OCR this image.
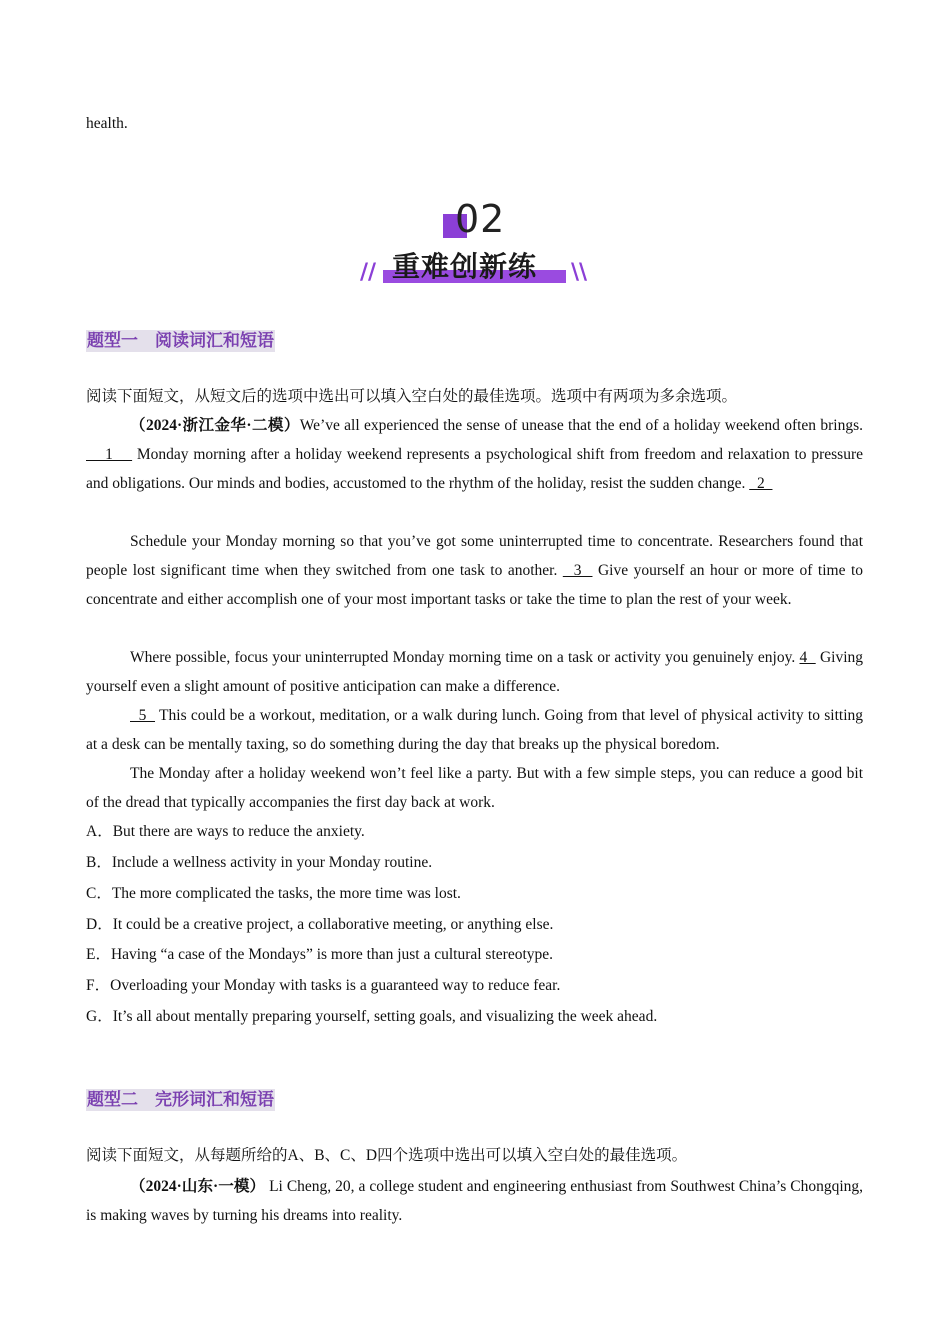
health.
02
重难创新练
//	\\
题型一　阅读词汇和短语
阅读下面短文，从短文后的选项中选出可以填入空白处的最佳选项。选项中有两项为多余选项。
（2024·浙江金华·二模）We’ve all experienced the sense of unease that the end of a holiday weekend often brings.     1     Monday morning after a holiday weekend represents a psychological shift from freedom and relaxation to pressure and obligations. Our minds and bodies, accustomed to the rhythm of the holiday, resist the sudden change.   2
Schedule your Monday morning so that you’ve got some uninterrupted time to concentrate. Researchers found that people lost significant time when they switched from one task to another.   3   Give yourself an hour or more of time to concentrate and either accomplish one of your most important tasks or take the time to plan the rest of your week.
Where possible, focus your uninterrupted Monday morning time on a task or activity you genuinely enjoy. 4   Giving yourself even a slight amount of positive anticipation can make a difference.
5   This could be a workout, meditation, or a walk during lunch. Going from that level of physical activity to sitting at a desk can be mentally taxing, so do something during the day that breaks up the physical boredom.
The Monday after a holiday weekend won’t feel like a party. But with a few simple steps, you can reduce a good bit of the dread that typically accompanies the first day back at work.
A．But there are ways to reduce the anxiety.
B．Include a wellness activity in your Monday routine.
C．The more complicated the tasks, the more time was lost.
D．It could be a creative project, a collaborative meeting, or anything else.
E．Having “a case of the Mondays” is more than just a cultural stereotype.
F．Overloading your Monday with tasks is a guaranteed way to reduce fear.
G．It’s all about mentally preparing yourself, setting goals, and visualizing the week ahead.
题型二　完形词汇和短语
阅读下面短文，从每题所给的A、B、C、D四个选项中选出可以填入空白处的最佳选项。
（2024·山东·一模） Li Cheng, 20, a college student and engineering enthusiast from Southwest China’s Chongqing, is making waves by turning his dreams into reality.
